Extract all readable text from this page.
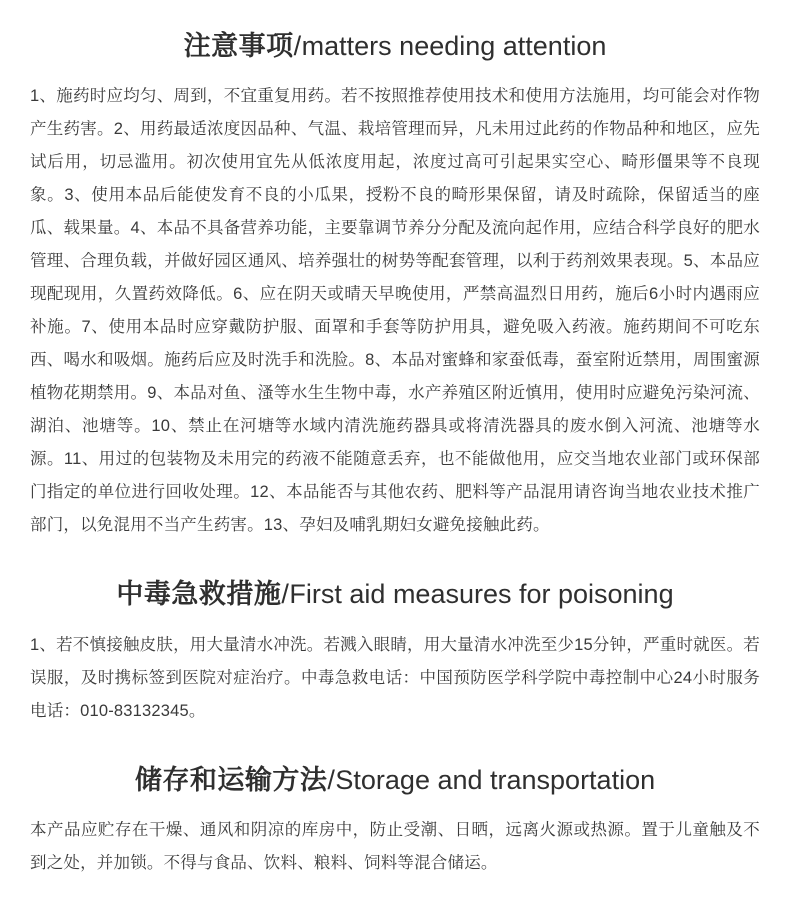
注意事项/matters needing attention

1、施药时应均匀、周到，不宜重复用药。若不按照推荐使用技术和使用方法施用，均可能会对作物产生药害。2、用药最适浓度因品种、气温、栽培管理而异，凡未用过此药的作物品种和地区，应先试后用，切忌滥用。初次使用宜先从低浓度用起，浓度过高可引起果实空心、畸形僵果等不良现象。3、使用本品后能使发育不良的小瓜果，授粉不良的畸形果保留，请及时疏除，保留适当的座瓜、载果量。4、本品不具备营养功能，主要靠调节养分分配及流向起作用，应结合科学良好的肥水管理、合理负载，并做好园区通风、培养强壮的树势等配套管理，以利于药剂效果表现。5、本品应现配现用，久置药效降低。6、应在阴天或晴天早晚使用，严禁高温烈日用药，施后6小时内遇雨应补施。7、使用本品时应穿戴防护服、面罩和手套等防护用具，避免吸入药液。施药期间不可吃东西、喝水和吸烟。施药后应及时洗手和洗脸。8、本品对蜜蜂和家蚕低毒，蚕室附近禁用，周围蜜源植物花期禁用。9、本品对鱼、溞等水生生物中毒，水产养殖区附近慎用，使用时应避免污染河流、湖泊、池塘等。10、禁止在河塘等水域内清洗施药器具或将清洗器具的废水倒入河流、池塘等水源。11、用过的包装物及未用完的药液不能随意丢弃，也不能做他用，应交当地农业部门或环保部门指定的单位进行回收处理。12、本品能否与其他农药、肥料等产品混用请咨询当地农业技术推广部门，以免混用不当产生药害。13、孕妇及哺乳期妇女避免接触此药。

中毒急救措施/First aid measures for poisoning

1、若不慎接触皮肤，用大量清水冲洗。若溅入眼睛，用大量清水冲洗至少15分钟，严重时就医。若误服，及时携标签到医院对症治疗。中毒急救电话：中国预防医学科学院中毒控制中心24小时服务电话：010-83132345。

储存和运输方法/Storage and transportation

本产品应贮存在干燥、通风和阴凉的库房中，防止受潮、日晒，远离火源或热源。置于儿童触及不到之处，并加锁。不得与食品、饮料、粮料、饲料等混合储运。
